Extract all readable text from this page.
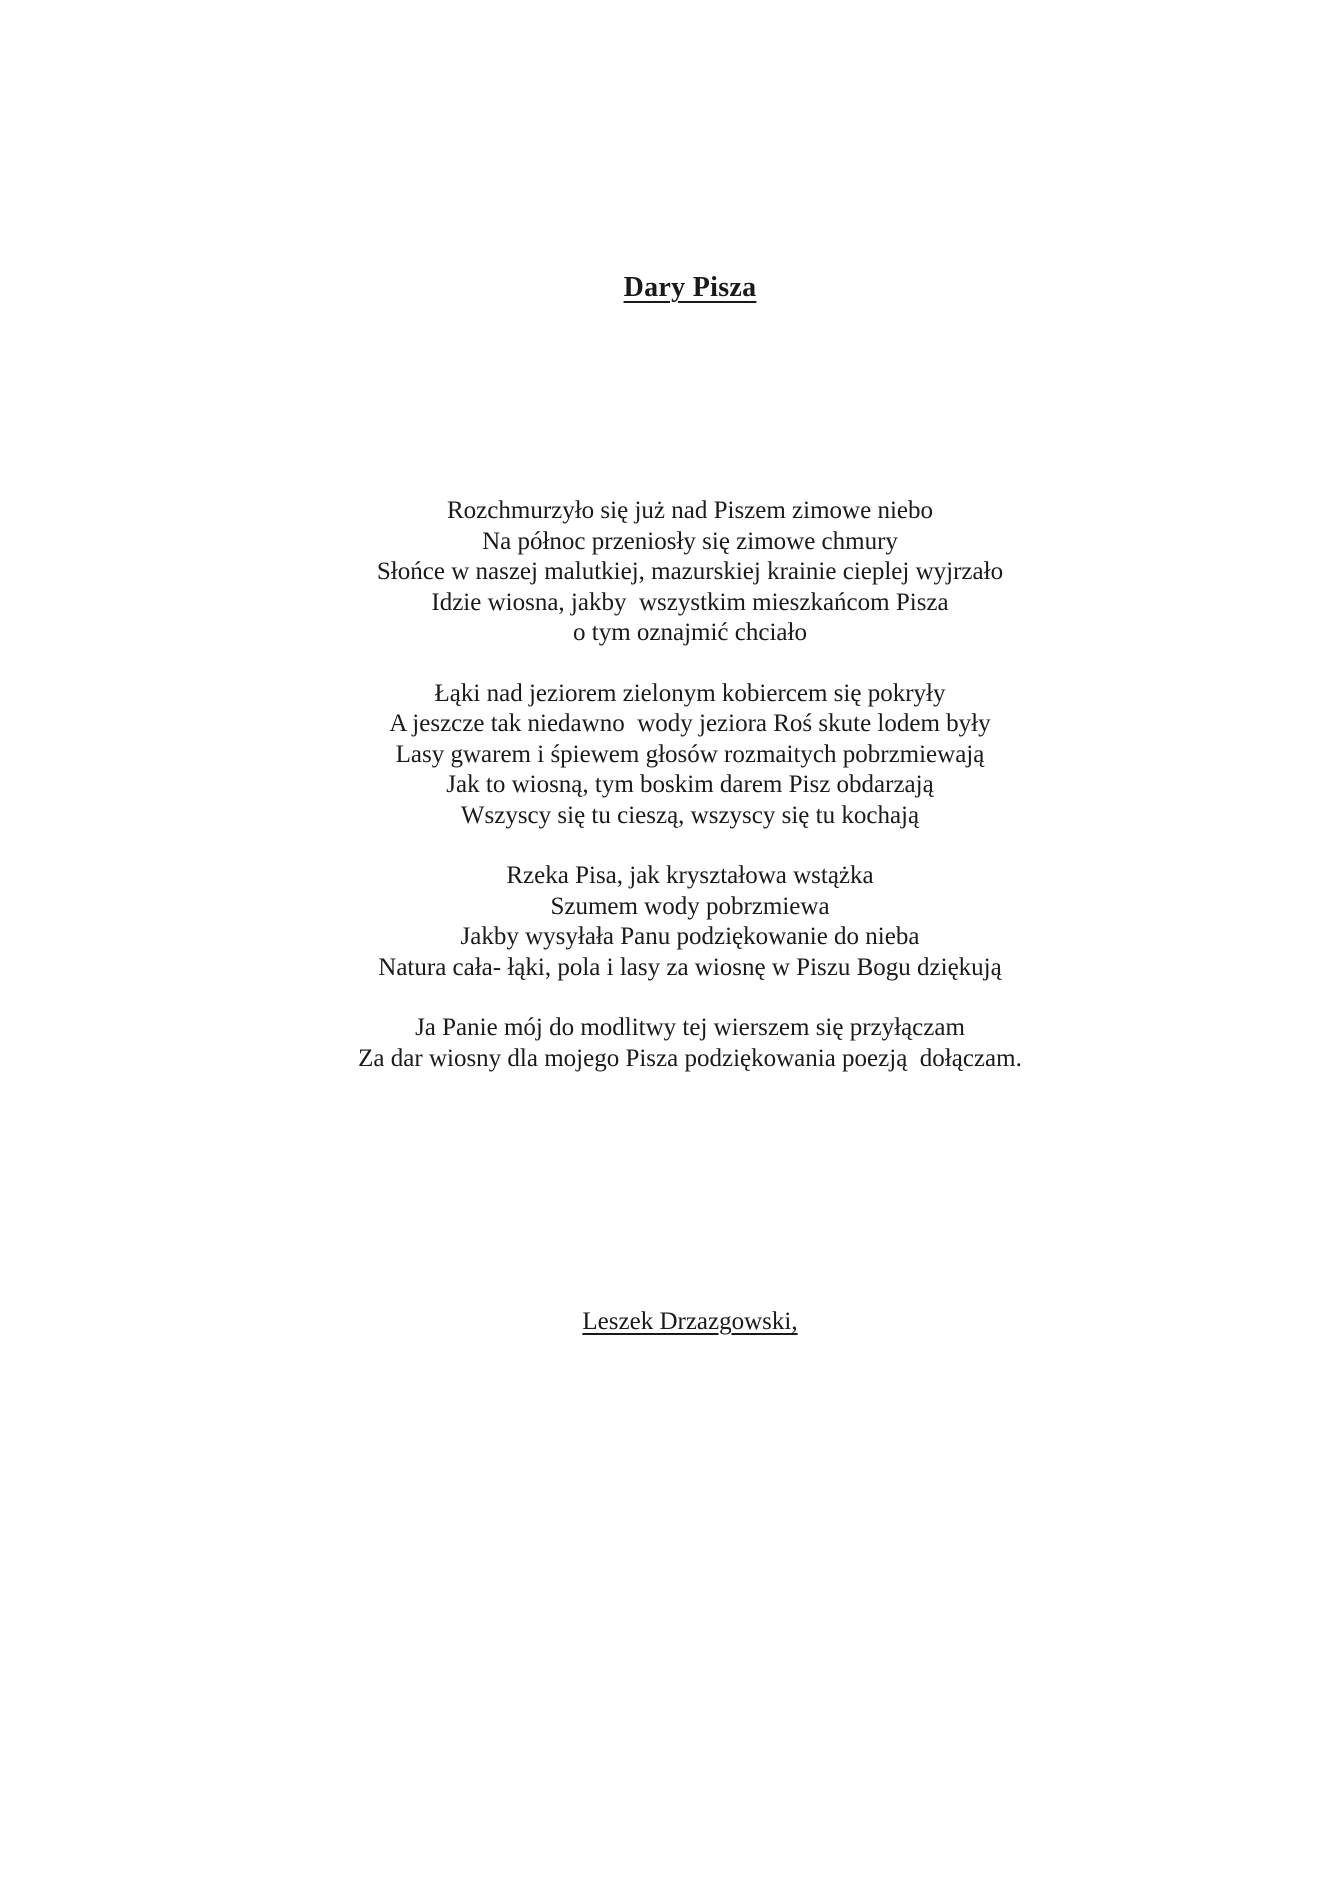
Dary Pisza
Rozchmurzyło się już nad Piszem zimowe niebo
Na północ przeniosły się zimowe chmury
Słońce w naszej malutkiej, mazurskiej krainie cieplej wyjrzało
Idzie wiosna, jakby  wszystkim mieszkańcom Pisza
o tym oznajmić chciało
Łąki nad jeziorem zielonym kobiercem się pokryły
A jeszcze tak niedawno  wody jeziora Roś skute lodem były
Lasy gwarem i śpiewem głosów rozmaitych pobrzmiewają
Jak to wiosną, tym boskim darem Pisz obdarzają
Wszyscy się tu cieszą, wszyscy się tu kochają
Rzeka Pisa, jak kryształowa wstążka
Szumem wody pobrzmiewa
Jakby wysyłała Panu podziękowanie do nieba
Natura cała- łąki, pola i lasy za wiosnę w Piszu Bogu dziękują
Ja Panie mój do modlitwy tej wierszem się przyłączam
Za dar wiosny dla mojego Pisza podziękowania poezją  dołączam.
Leszek Drzazgowski,
